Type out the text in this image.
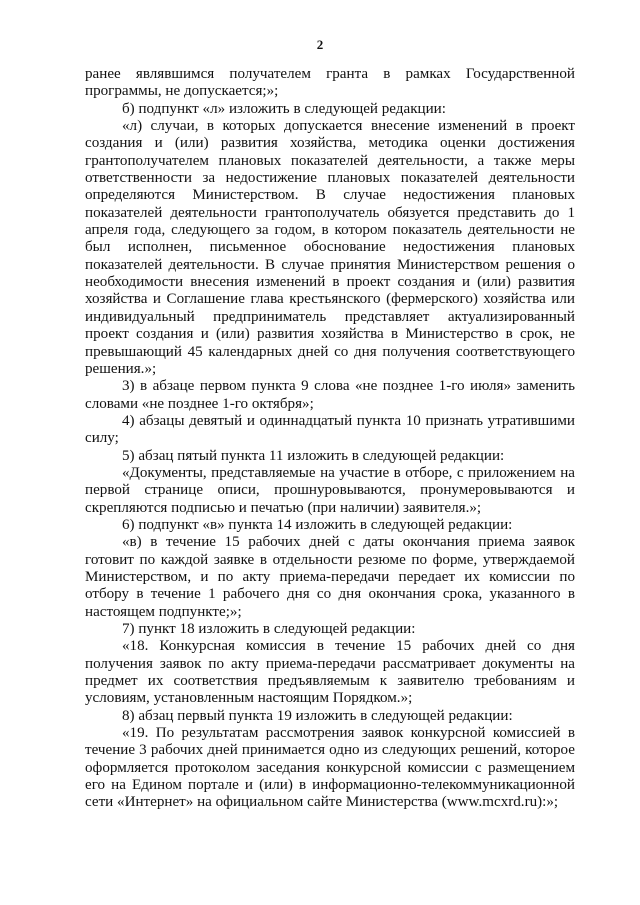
2

ранее являвшимся получателем гранта в рамках Государственной программы, не допускается;»;

б) подпункт «л» изложить в следующей редакции:

«л) случаи, в которых допускается внесение изменений в проект создания и (или) развития хозяйства, методика оценки достижения грантополучателем плановых показателей деятельности, а также меры ответственности за недостижение плановых показателей деятельности определяются Министерством. В случае недостижения плановых показателей деятельности грантополучатель обязуется представить до 1 апреля года, следующего за годом, в котором показатель деятельности не был исполнен, письменное обоснование недостижения плановых показателей деятельности. В случае принятия Министерством решения о необходимости внесения изменений в проект создания и (или) развития хозяйства и Соглашение глава крестьянского (фермерского) хозяйства или индивидуальный предприниматель представляет актуализированный проект создания и (или) развития хозяйства в Министерство в срок, не превышающий 45 календарных дней со дня получения соответствующего решения.»;

3) в абзаце первом пункта 9 слова «не позднее 1-го июля» заменить словами «не позднее 1-го октября»;

4) абзацы девятый и одиннадцатый пункта 10 признать утратившими силу;

5) абзац пятый пункта 11 изложить в следующей редакции:

«Документы, представляемые на участие в отборе, с приложением на первой странице описи, прошнуровываются, пронумеровываются и скрепляются подписью и печатью (при наличии) заявителя.»;

6) подпункт «в» пункта 14 изложить в следующей редакции:

«в) в течение 15 рабочих дней с даты окончания приема заявок готовит по каждой заявке в отдельности резюме по форме, утверждаемой Министерством, и по акту приема-передачи передает их комиссии по отбору в течение 1 рабочего дня со дня окончания срока, указанного в настоящем подпункте;»;

7) пункт 18 изложить в следующей редакции:

«18. Конкурсная комиссия в течение 15 рабочих дней со дня получения заявок по акту приема-передачи рассматривает документы на предмет их соответствия предъявляемым к заявителю требованиям и условиям, установленным настоящим Порядком.»;

8) абзац первый пункта 19 изложить в следующей редакции:

«19. По результатам рассмотрения заявок конкурсной комиссией в течение 3 рабочих дней принимается одно из следующих решений, которое оформляется протоколом заседания конкурсной комиссии с размещением его на Едином портале и (или) в информационно-телекоммуникационной сети «Интернет» на официальном сайте Министерства (www.mcxrd.ru):»;
